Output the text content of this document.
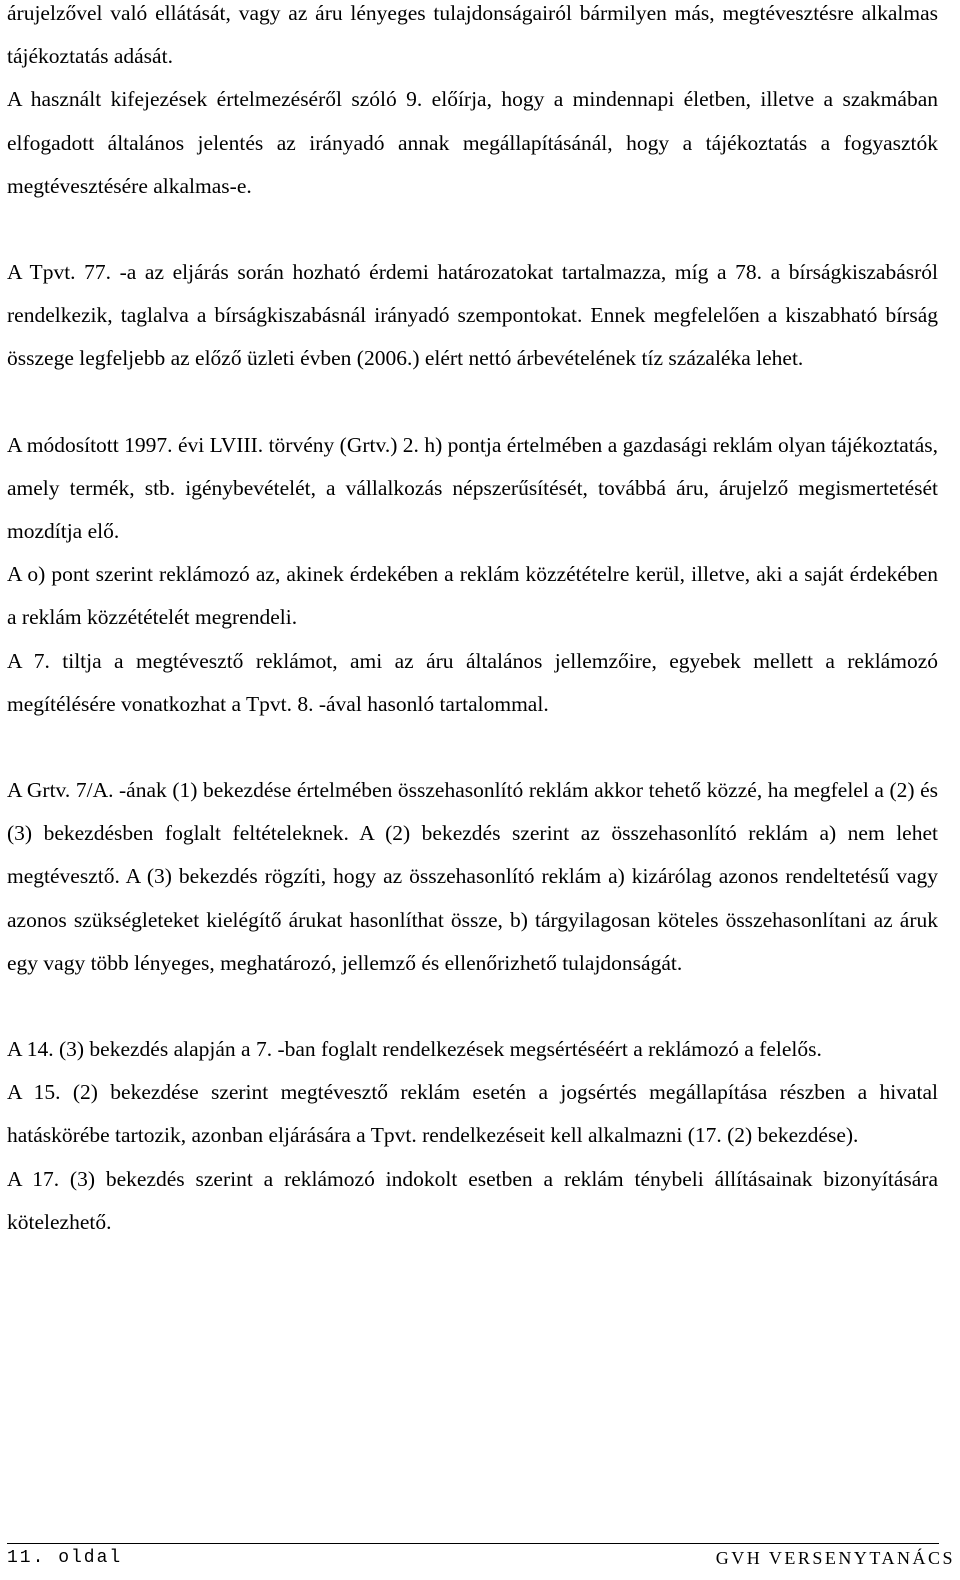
árujelzővel való ellátását, vagy az áru lényeges tulajdonságairól bármilyen más, megtévesztésre alkalmas tájékoztatás adását.

A használt kifejezések értelmezéséről szóló 9. előírja, hogy a mindennapi életben, illetve a szakmában elfogadott általános jelentés az irányadó annak megállapításánál, hogy a tájékoztatás a fogyasztók megtévesztésére alkalmas-e.

A Tpvt. 77. -a az eljárás során hozható érdemi határozatokat tartalmazza, míg a 78. a bírságkiszabásról rendelkezik, taglalva a bírságkiszabásnál irányadó szempontokat. Ennek megfelelően a kiszabható bírság összege legfeljebb az előző üzleti évben (2006.) elért nettó árbevételének tíz százaléka lehet.

A módosított 1997. évi LVIII. törvény (Grtv.) 2. h) pontja értelmében a gazdasági reklám olyan tájékoztatás, amely termék, stb. igénybevételét, a vállalkozás népszerűsítését, továbbá áru, árujelző megismertetését mozdítja elő.

A o) pont szerint reklámozó az, akinek érdekében a reklám közzétételre kerül, illetve, aki a saját érdekében a reklám közzétételét megrendeli.

A 7. tiltja a megtévesztő reklámot, ami az áru általános jellemzőire, egyebek mellett a reklámozó megítélésére vonatkozhat a Tpvt. 8. -ával hasonló tartalommal.

A Grtv. 7/A. -ának (1) bekezdése értelmében összehasonlító reklám akkor tehető közzé, ha megfelel a (2) és (3) bekezdésben foglalt feltételeknek. A (2) bekezdés szerint az összehasonlító reklám a) nem lehet megtévesztő. A (3) bekezdés rögzíti, hogy az összehasonlító reklám a) kizárólag azonos rendeltetésű vagy azonos szükségleteket kielégítő árukat hasonlíthat össze, b) tárgyilagosan köteles összehasonlítani az áruk egy vagy több lényeges, meghatározó, jellemző és ellenőrizhető tulajdonságát.

A 14. (3) bekezdés alapján a 7. -ban foglalt rendelkezések megsértéséért a reklámozó a felelős.

A 15. (2) bekezdése szerint megtévesztő reklám esetén a jogsértés megállapítása részben a hivatal hatáskörébe tartozik, azonban eljárására a Tpvt. rendelkezéseit kell alkalmazni (17. (2) bekezdése).

A 17. (3) bekezdés szerint a reklámozó indokolt esetben a reklám ténybeli állításainak bizonyítására kötelezhető.

11. oldal	GVH VERSENYTANÁCS
